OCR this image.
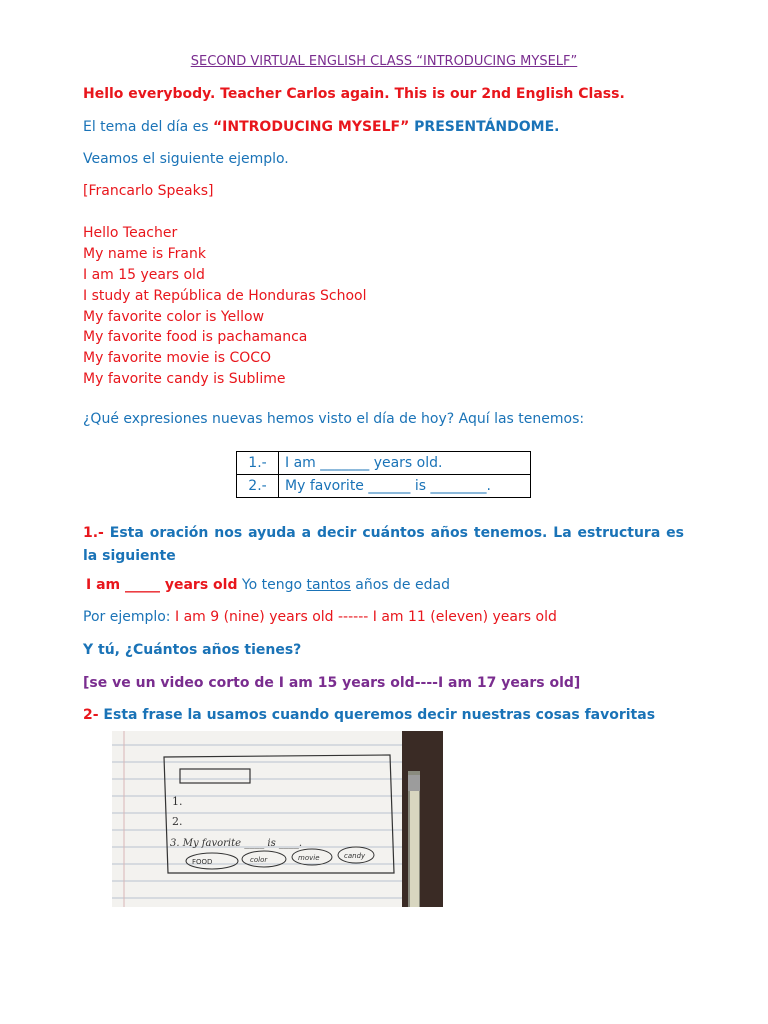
SECOND VIRTUAL ENGLISH CLASS “INTRODUCING MYSELF”
Hello everybody. Teacher Carlos again. This is our 2nd English Class.
El tema del día es “INTRODUCING MYSELF” PRESENTÁNDOME.
Veamos el siguiente ejemplo.
[Francarlo Speaks]
Hello Teacher
My name is Frank
I am 15 years old
I study at República de Honduras School
My favorite color is Yellow
My favorite food is pachamanca
My favorite movie is COCO
My favorite candy is Sublime
¿Qué expresiones nuevas hemos visto el día de hoy? Aquí las tenemos:
1.-	I am _______ years old.
2.-	My favorite ______ is ________.
1.- Esta oración nos ayuda a decir cuántos años tenemos. La estructura es la siguiente
I am _____ years old Yo tengo tantos años de edad
Por ejemplo: I am 9 (nine) years old ------ I am 11 (eleven) years old
Y tú, ¿Cuántos años tienes?
[se ve un video corto de I am 15 years old----I am 17 years old]
2- Esta frase la usamos cuando queremos decir nuestras cosas favoritas
1.
2.
3. My favorite ____ is ____.
FOOD	color	movie	candy
